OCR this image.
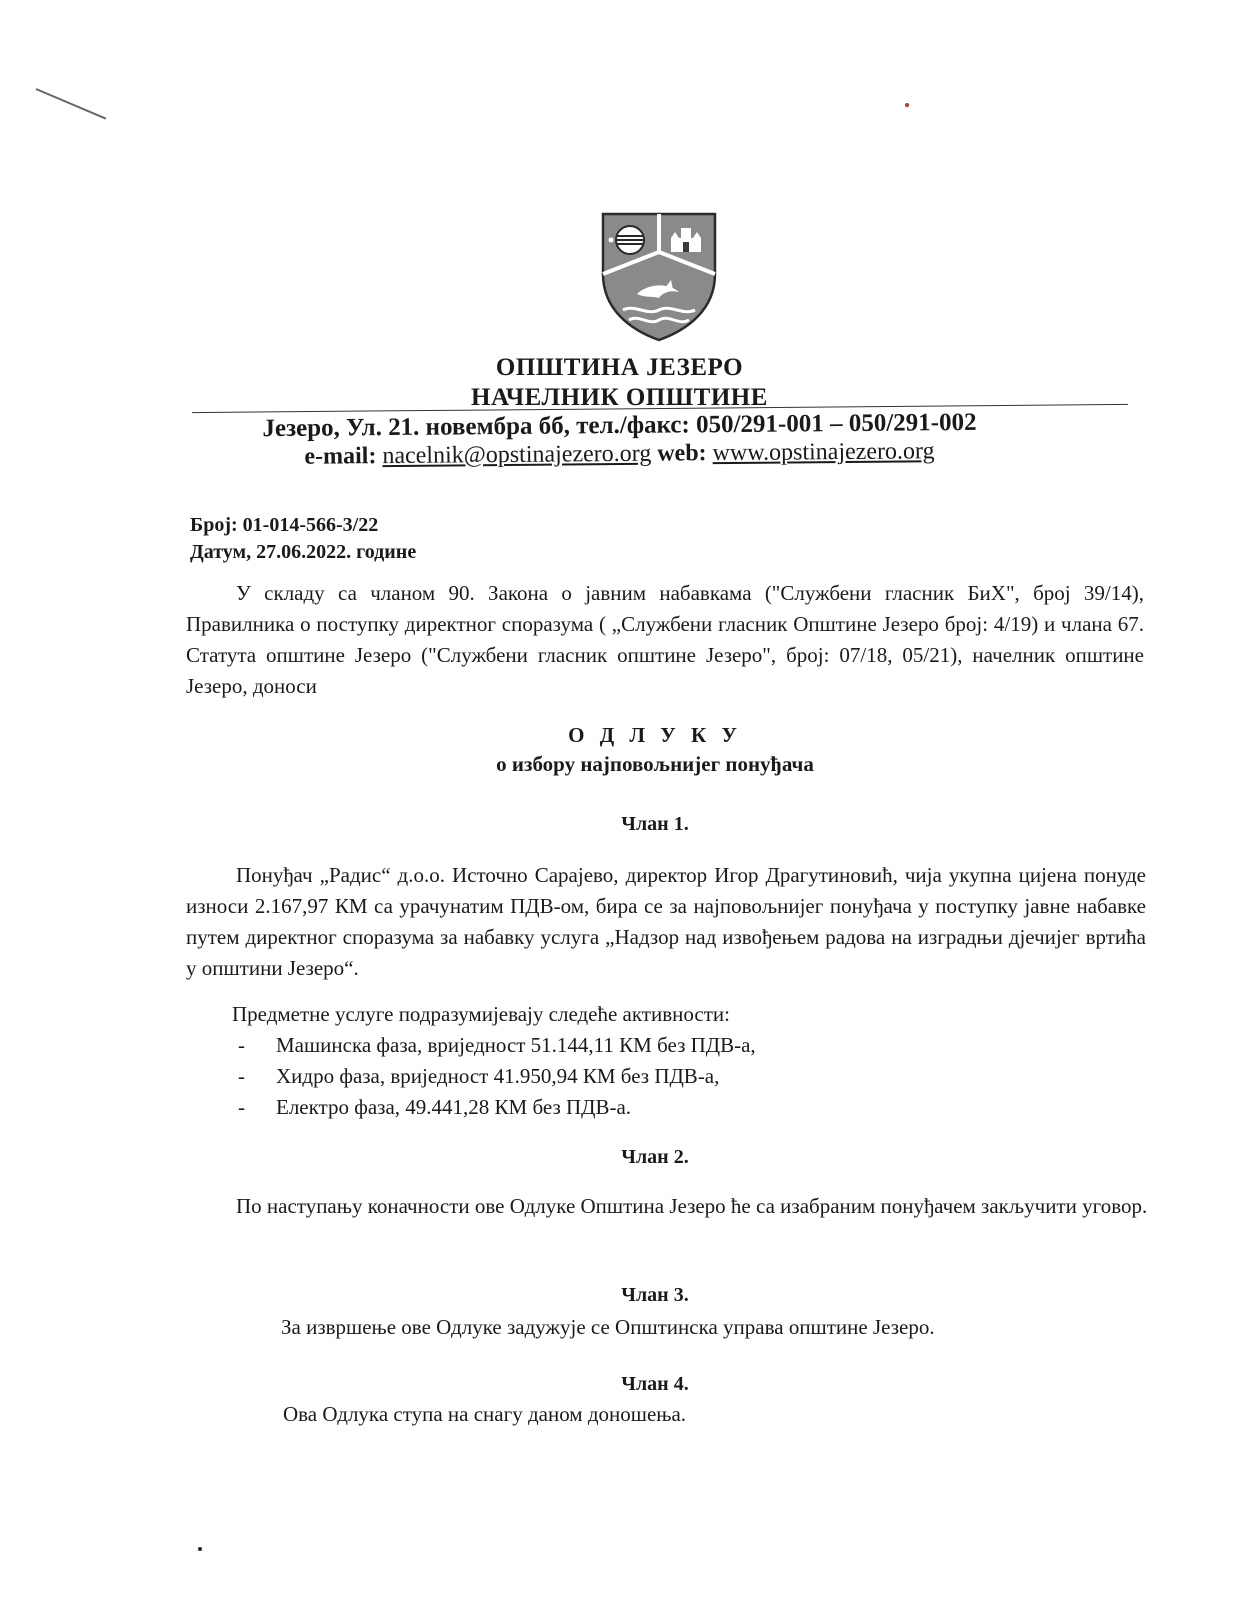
ОПШТИНА ЈЕЗЕРО
НАЧЕЛНИК ОПШТИНЕ
Језеро, Ул. 21. новембра бб, тел./факс: 050/291-001 – 050/291-002
e-mail: nacelnik@opstinajezero.org web: www.opstinajezero.org
Број: 01-014-566-3/22
Датум, 27.06.2022. године
У складу са чланом 90. Закона о јавним набавкама ("Службени гласник БиХ", број 39/14), Правилника о поступку директног споразума ( „Службени гласник Општине Језеро број: 4/19) и члана 67. Статута општине Језеро ("Службени гласник општине Језеро", број: 07/18, 05/21), начелник општине Језеро, доноси
О Д Л У К У
о избору најповољнијег понуђача
Члан 1.
Понуђач „Радис“ д.о.о. Источно Сарајево, директор Игор Драгутиновић, чија укупна цијена понуде износи 2.167,97 КМ са урачунатим ПДВ-ом, бира се за најповољнијег понуђача у поступку јавне набавке путем директног споразума за набавку услуга „Надзор над извођењем радова на изградњи дјечијег вртића у општини Језеро“.
Предметне услуге подразумијевају следеће активности:
- Машинска фаза, вриједност 51.144,11 КМ без ПДВ-а,
- Хидро фаза, вриједност 41.950,94 КМ без ПДВ-а,
- Електро фаза, 49.441,28 КМ без ПДВ-а.
Члан 2.
По наступању коначности ове Одлуке Општина Језеро ће са изабраним понуђачем закључити уговор.
Члан 3.
За извршење ове Одлуке задужује се Општинска управа општине Језеро.
Члан 4.
Ова Одлука ступа на снагу даном доношења.
